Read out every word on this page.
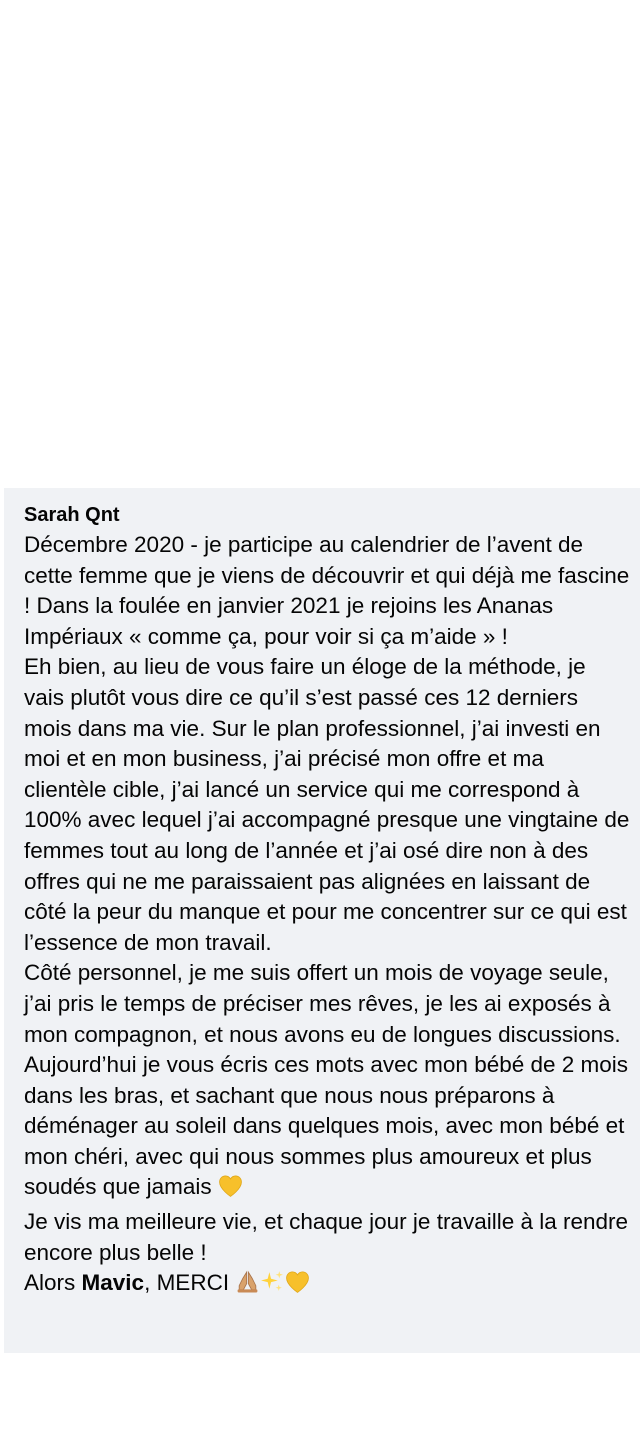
Sarah Qnt

Décembre 2020 - je participe au calendrier de l’avent de cette femme que je viens de découvrir et qui déjà me fascine ! Dans la foulée en janvier 2021 je rejoins les Ananas Impériaux « comme ça, pour voir si ça m’aide » !

Eh bien, au lieu de vous faire un éloge de la méthode, je vais plutôt vous dire ce qu’il s’est passé ces 12 derniers mois dans ma vie. Sur le plan professionnel, j’ai investi en moi et en mon business, j’ai précisé mon offre et ma clientèle cible, j’ai lancé un service qui me correspond à 100% avec lequel j’ai accompagné presque une vingtaine de femmes tout au long de l’année et j’ai osé dire non à des offres qui ne me paraissaient pas alignées en laissant de côté la peur du manque et pour me concentrer sur ce qui est l’essence de mon travail.

Côté personnel, je me suis offert un mois de voyage seule, j’ai pris le temps de préciser mes rêves, je les ai exposés à mon compagnon, et nous avons eu de longues discussions. Aujourd’hui je vous écris ces mots avec mon bébé de 2 mois dans les bras, et sachant que nous nous préparons à déménager au soleil dans quelques mois, avec mon bébé et mon chéri, avec qui nous sommes plus amoureux et plus soudés que jamais

Je vis ma meilleure vie, et chaque jour je travaille à la rendre encore plus belle !

Alors Mavic, MERCI
